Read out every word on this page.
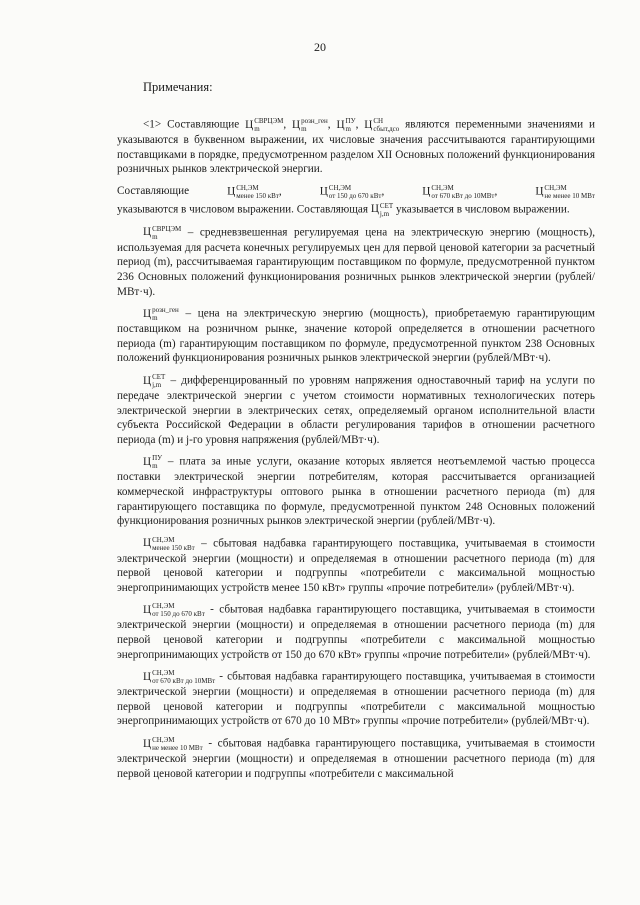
20
Примечания:

<1> Составляющие Ц СВРЦЭМ
m	, Ц розн_ген
m	, Ц ПУ
m , Ц СН
сбыт,дсо являются переменными значениями и указываются в буквенном выражении, их числовые значения рассчитываются гарантирующими поставщиками в порядке, предусмотренном разделом XII Основных положений функционирования розничных рынков электрической энергии.

Составляющие	Ц СН,ЭМ
менее 150 кВт ,	Ц СН,ЭМ
от 150 до 670 кВт ,	Ц СН,ЭМ
от 670 кВт до 10МВт ,	Ц СН,ЭМ
не менее 10 МВт
указываются в числовом выражении. Составляющая Ц СЕТ
j,m указывается в числовом выражении.

Ц СВРЦЭМ
m	– средневзвешенная регулируемая цена на электрическую энергию (мощность), используемая для расчета конечных регулируемых цен для первой ценовой категории за расчетный период (m), рассчитываемая гарантирующим поставщиком по формуле, предусмотренной пунктом 236 Основных положений функционирования розничных рынков электрической энергии (рублей/МВт·ч).

Ц розн_ген
m	– цена на электрическую энергию (мощность), приобретаемую гарантирующим поставщиком на розничном рынке, значение которой определяется в отношении расчетного периода (m) гарантирующим поставщиком по формуле, предусмотренной пунктом 238 Основных положений функционирования розничных рынков электрической энергии (рублей/МВт·ч).

Ц СЕТ
j,m – дифференцированный по уровням напряжения одноставочный тариф на услуги по передаче электрической энергии с учетом стоимости нормативных технологических потерь электрической энергии в электрических сетях, определяемый органом исполнительной власти субъекта Российской Федерации в области регулирования тарифов в отношении расчетного периода (m) и j-го уровня напряжения (рублей/МВт·ч).

Ц ПУ
m – плата за иные услуги, оказание которых является неотъемлемой частью процесса поставки электрической энергии потребителям, которая рассчитывается организацией коммерческой инфраструктуры оптового рынка в отношении расчетного периода (m) для гарантирующего поставщика по формуле, предусмотренной пунктом 248 Основных положений функционирования розничных рынков электрической энергии (рублей/МВт·ч).

Ц СН,ЭМ
менее 150 кВт – сбытовая надбавка гарантирующего поставщика, учитываемая в стоимости электрической энергии (мощности) и определяемая в отношении расчетного периода (m) для первой ценовой категории и подгруппы «потребители с максимальной мощностью энергопринимающих устройств менее 150 кВт» группы «прочие потребители» (рублей/МВт·ч).

Ц СН,ЭМ
от 150 до 670 кВт - сбытовая надбавка гарантирующего поставщика, учитываемая в стоимости электрической энергии (мощности) и определяемая в отношении расчетного периода (m) для первой ценовой категории и подгруппы «потребители с максимальной мощностью энергопринимающих устройств от 150 до 670 кВт» группы «прочие потребители» (рублей/МВт·ч).

Ц СН,ЭМ
от 670 кВт до 10МВт - сбытовая надбавка гарантирующего поставщика, учитываемая в стоимости электрической энергии (мощности) и определяемая в отношении расчетного периода (m) для первой ценовой категории и подгруппы «потребители с максимальной мощностью энергопринимающих устройств от 670 до 10 МВт» группы «прочие потребители» (рублей/МВт·ч).

Ц СН,ЭМ
не менее 10 МВт - сбытовая надбавка гарантирующего поставщика, учитываемая в стоимости электрической энергии (мощности) и определяемая в отношении расчетного периода (m) для первой ценовой категории и подгруппы «потребители с максимальной
